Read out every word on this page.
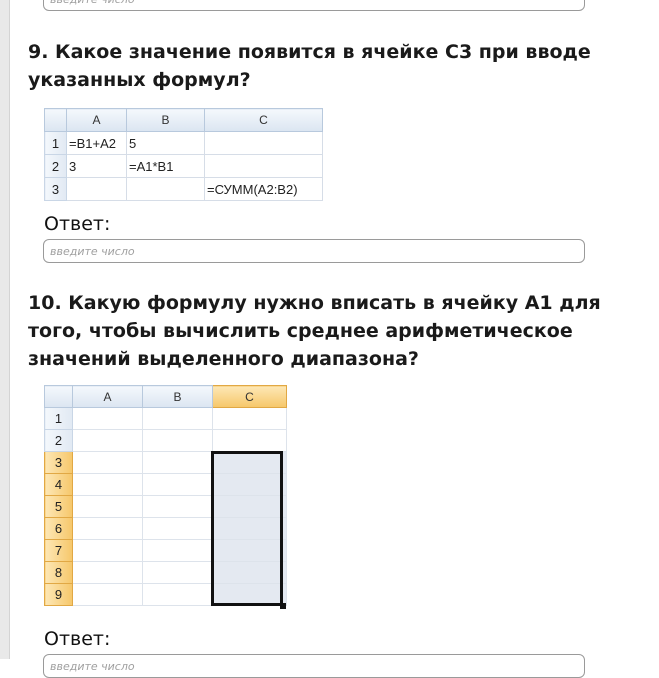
введите число
9. Какое значение появится в ячейке С3 при вводе указанных формул?
	A	B	C
1	=B1+A2	5	
2	3	=A1*B1	
3			=СУММ(A2:B2)

Ответ:

введите число
10. Какую формулу нужно вписать в ячейку А1 для того, чтобы вычислить среднее арифметическое значений выделенного диапазона?
	A	B	C
1			
2			
3			
4			
5			
6			
7			
8			
9			

Ответ:

введите число
